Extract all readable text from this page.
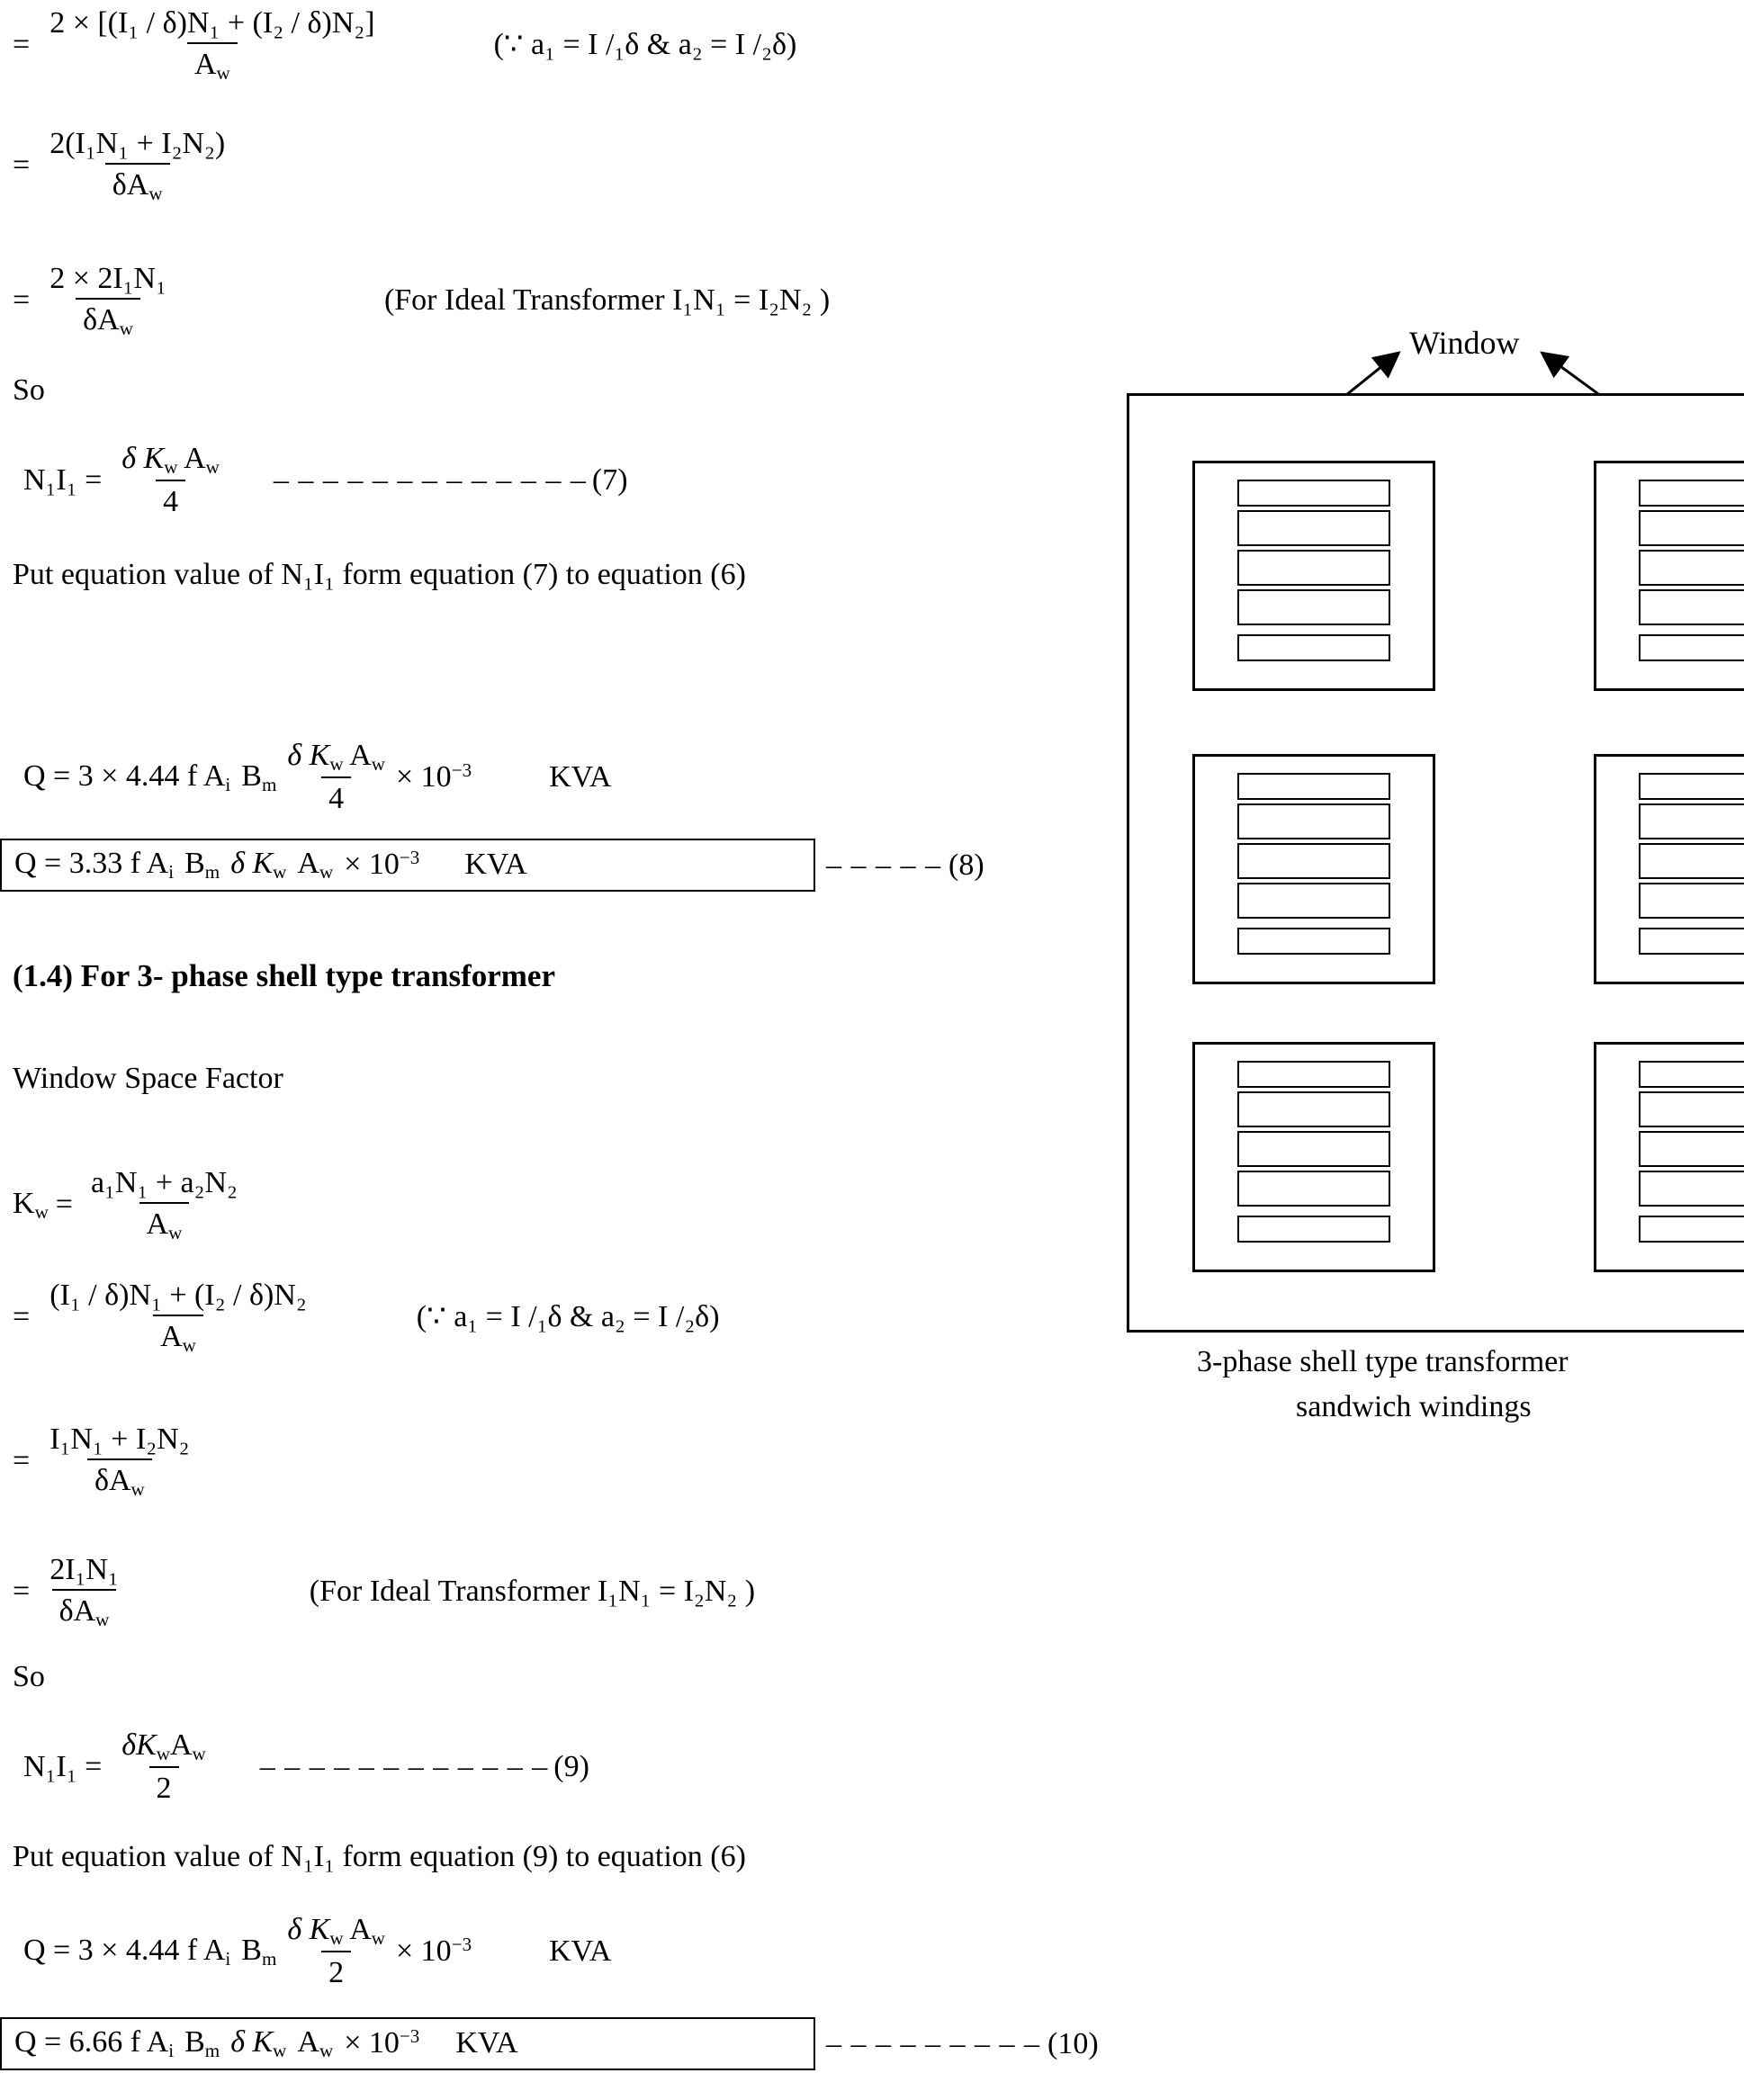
= $\frac{\text{2 × [(I₁ / δ)N₁ + (I₂ / δ)N₂]}}{A_w}$	(∵ a₁ = I /₁δ & a₂ = I /₂δ)
= $\frac{\text{2(I₁N₁ + I₂N₂)}}{\delta A_w}$
= $\frac{\text{2 × 2I₁N₁}}{\delta A_w}$	(For Ideal Transformer I₁N₁ = I₂N₂ )
So
$N_1I_1 = \frac{\delta K_w A_w}{4}$ – – – – – – – – – – – – – (7)
Put equation value of N₁I₁ form equation (7) to equation (6)
Q = 3 × 4.44 f $A_i$ $B_m \frac{\delta K_w A_w}{4} \times 10^{-3}$	KVA
Q = 3.33 f $A_i$ $B_m$ δ $K_w$ $A_w \times 10^{-3}$ KVA	– – – – – (8)
(1.4) For 3- phase shell type transformer
Window Space Factor
$K_w = \frac{\text{a₁N₁ + a₂N₂}}{A_w}$
= $\frac{\text{(I₁ / δ)N₁ + (I₂ / δ)N₂}}{A_w}$	(∵ a₁ = I /₁δ & a₂ = I /₂δ)
= $\frac{\text{I₁N₁ + I₂N₂}}{\delta A_w}$
= $\frac{\text{2I₁N₁}}{\delta A_w}$	(For Ideal Transformer I₁N₁ = I₂N₂ )
So
$N_1I_1 = \frac{\delta K_wA_w}{2}$ – – – – – – – – – – – – (9)
Put equation value of N₁I₁ form equation (9) to equation (6)
Q = 3 × 4.44 f $A_i$ $B_m \frac{\delta K_w A_w}{2} \times 10^{-3}$	KVA
Q = 6.66 f $A_i$ $B_m$ δ $K_w$ $A_w \times 10^{-3}$ KVA	– – – – – – – – – (10)
Window
3-phase shell type transformer
sandwich windings
